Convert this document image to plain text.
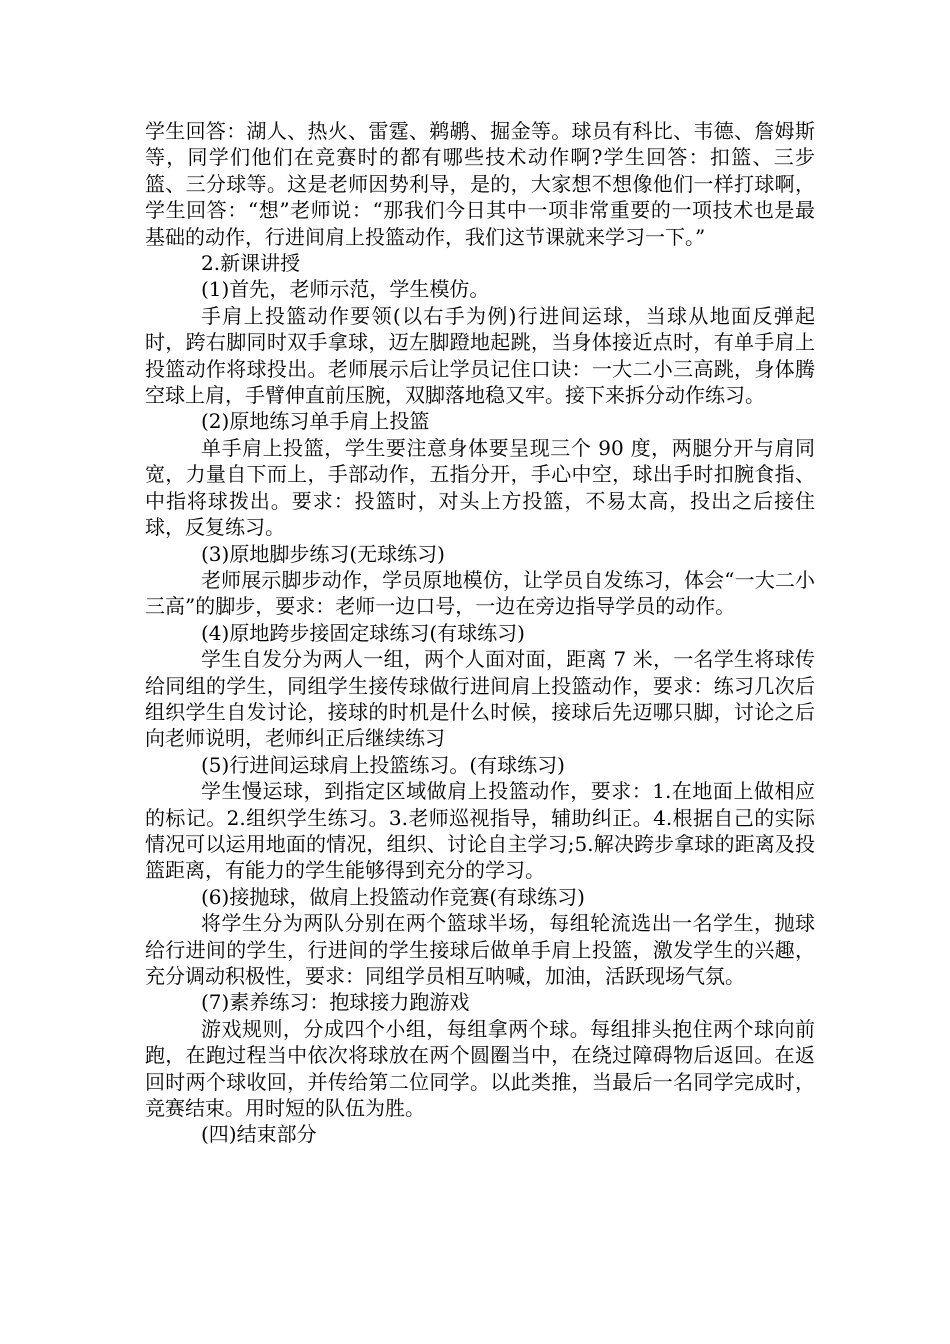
学生回答：湖人、热火、雷霆、鹈鹕、掘金等。球员有科比、韦德、詹姆斯等，同学们他们在竞赛时的都有哪些技术动作啊?学生回答：扣篮、三步篮、三分球等。这是老师因势利导，是的，大家想不想像他们一样打球啊，学生回答：“想”老师说：“那我们今日其中一项非常重要的一项技术也是最基础的动作，行进间肩上投篮动作，我们这节课就来学习一下。”

2.新课讲授

(1)首先，老师示范，学生模仿。

手肩上投篮动作要领(以右手为例)行进间运球，当球从地面反弹起时，跨右脚同时双手拿球，迈左脚蹬地起跳，当身体接近点时，有单手肩上投篮动作将球投出。老师展示后让学员记住口诀：一大二小三高跳，身体腾空球上肩，手臂伸直前压腕，双脚落地稳又牢。接下来拆分动作练习。

(2)原地练习单手肩上投篮

单手肩上投篮，学生要注意身体要呈现三个 90 度，两腿分开与肩同宽，力量自下而上，手部动作，五指分开，手心中空，球出手时扣腕食指、中指将球拨出。要求：投篮时，对头上方投篮，不易太高，投出之后接住球，反复练习。

(3)原地脚步练习(无球练习)

老师展示脚步动作，学员原地模仿，让学员自发练习，体会“一大二小三高”的脚步，要求：老师一边口号，一边在旁边指导学员的动作。

(4)原地跨步接固定球练习(有球练习)

学生自发分为两人一组，两个人面对面，距离 7 米，一名学生将球传给同组的学生，同组学生接传球做行进间肩上投篮动作，要求：练习几次后组织学生自发讨论，接球的时机是什么时候，接球后先迈哪只脚，讨论之后向老师说明，老师纠正后继续练习

(5)行进间运球肩上投篮练习。(有球练习)

学生慢运球，到指定区域做肩上投篮动作，要求：1.在地面上做相应的标记。2.组织学生练习。3.老师巡视指导，辅助纠正。4.根据自己的实际情况可以运用地面的情况，组织、讨论自主学习;5.解决跨步拿球的距离及投篮距离，有能力的学生能够得到充分的学习。

(6)接抛球，做肩上投篮动作竞赛(有球练习)

将学生分为两队分别在两个篮球半场，每组轮流选出一名学生，抛球给行进间的学生，行进间的学生接球后做单手肩上投篮，激发学生的兴趣，充分调动积极性，要求：同组学员相互呐喊，加油，活跃现场气氛。

(7)素养练习：抱球接力跑游戏

游戏规则，分成四个小组，每组拿两个球。每组排头抱住两个球向前跑，在跑过程当中依次将球放在两个圆圈当中，在绕过障碍物后返回。在返回时两个球收回，并传给第二位同学。以此类推，当最后一名同学完成时，竞赛结束。用时短的队伍为胜。

(四)结束部分
